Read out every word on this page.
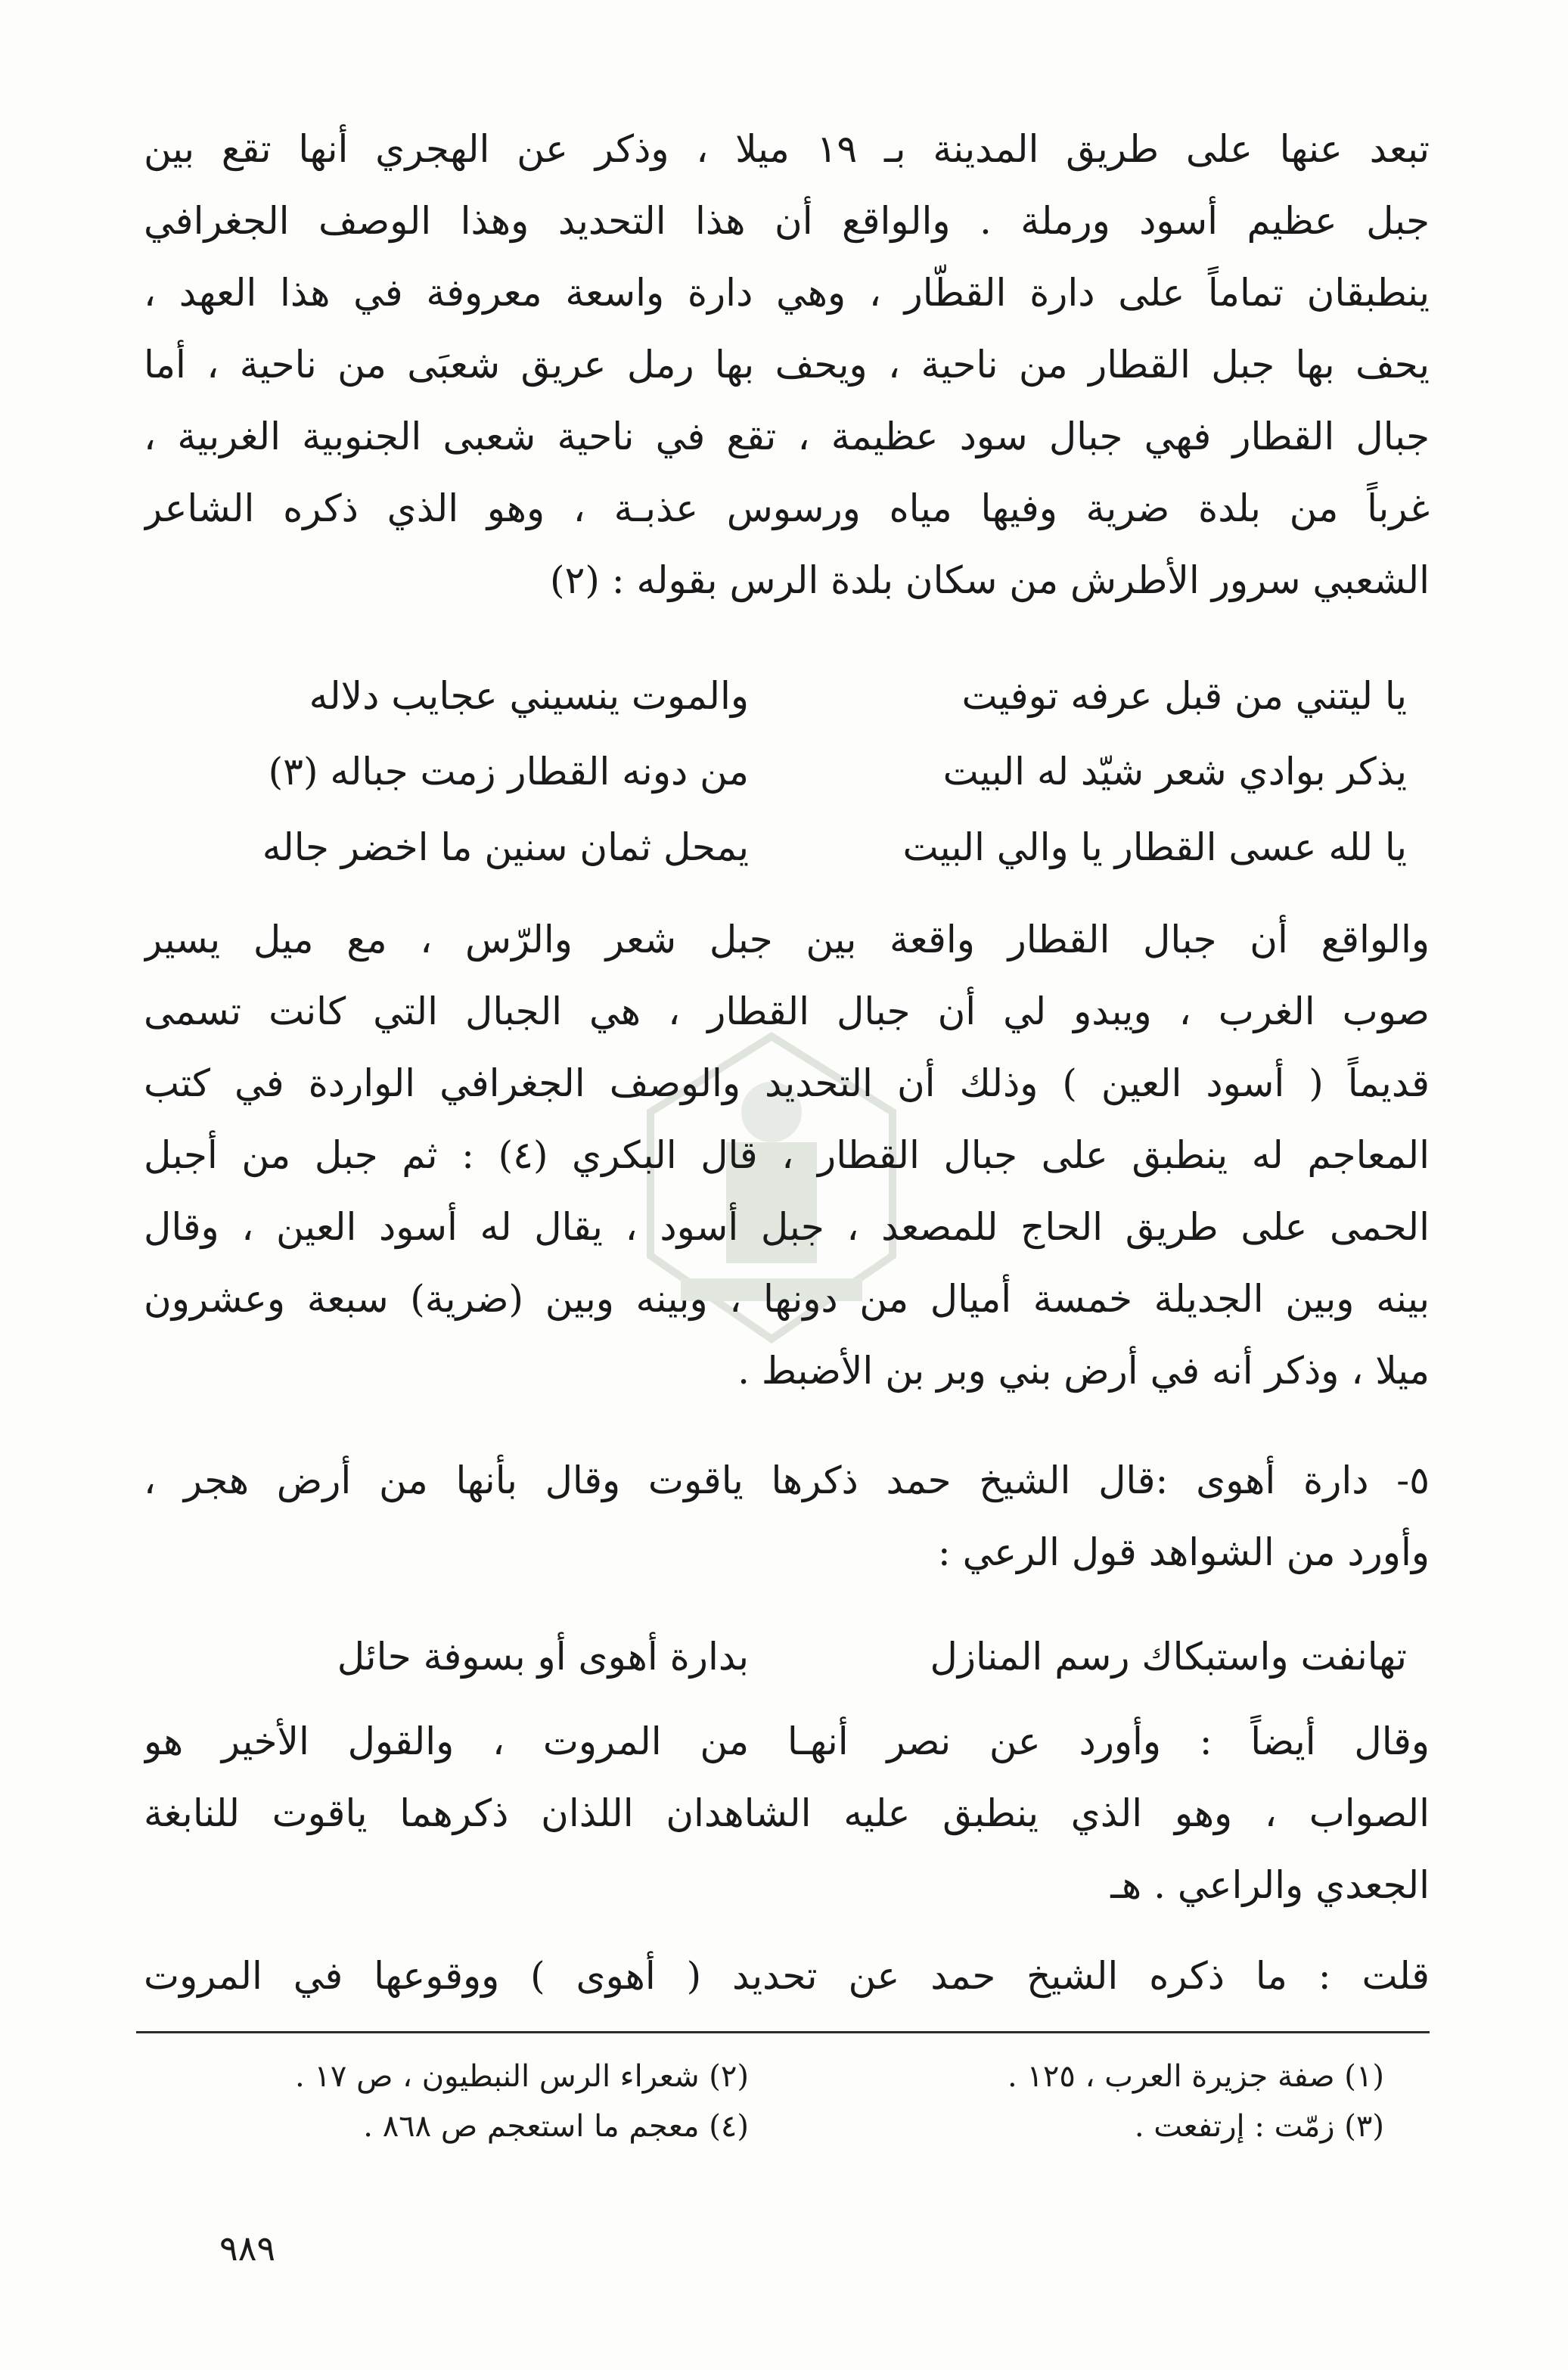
تبعد عنها على طريق المدينة بـ ١٩ ميلا ، وذكر عن الهجري أنها تقع بين
جبل عظيم أسود ورملة . والواقع أن هذا التحديد وهذا الوصف الجغرافي
ينطبقان تماماً على دارة القطّار ، وهي دارة واسعة معروفة في هذا العهد ،
يحف بها جبل القطار من ناحية ، ويحف بها رمل عريق شعبَى من ناحية ، أما
جبال القطار فهي جبال سود عظيمة ، تقع في ناحية شعبى الجنوبية الغربية ،
غرباً من بلدة ضرية وفيها مياه ورسوس عذبـة ، وهو الذي ذكره الشاعر
الشعبي سرور الأطرش من سكان بلدة الرس بقوله : (٢)
يا ليتني من قبل عرفه توفيت
والموت ينسيني عجايب دلاله
يذكر بوادي شعر شيّد له البيت
من دونه القطار زمت جباله (٣)
يا لله عسى القطار يا والي البيت
يمحل ثمان سنين ما اخضر جاله
والواقع أن جبال القطار واقعة بين جبل شعر والرّس ، مع ميل يسير
صوب الغرب ، ويبدو لي أن جبال القطار ، هي الجبال التي كانت تسمى
قديماً ( أسود العين ) وذلك أن التحديد والوصف الجغرافي الواردة في كتب
المعاجم له ينطبق على جبال القطار ، قال البكري (٤) : ثم جبل من أجبل
الحمى على طريق الحاج للمصعد ، جبل أسود ، يقال له أسود العين ، وقال
بينه وبين الجديلة خمسة أميال من دونها ، وبينه وبين (ضرية) سبعة وعشرون
ميلا ، وذكر أنه في أرض بني وبر بن الأضبط .
٥- دارة أهوى :قال الشيخ حمد ذكرها ياقوت وقال بأنها من أرض هجر ،
وأورد من الشواهد قول الرعي :
تهانفت واستبكاك رسم المنازل
بدارة أهوى أو بسوفة حائل
وقال أيضاً : وأورد عن نصر أنهـا من المروت ، والقول الأخير هو
الصواب ، وهو الذي ينطبق عليه الشاهدان اللذان ذكرهما ياقوت للنابغة
الجعدي والراعي . هـ
قلت : ما ذكره الشيخ حمد عن تحديد ( أهوى ) ووقوعها في المروت
(١) صفة جزيرة العرب ، ١٢٥ .
(٢) شعراء الرس النبطيون ، ص ١٧ .
(٣) زمّت : إرتفعت .
(٤) معجم ما استعجم ص ٨٦٨ .
٩٨٩
